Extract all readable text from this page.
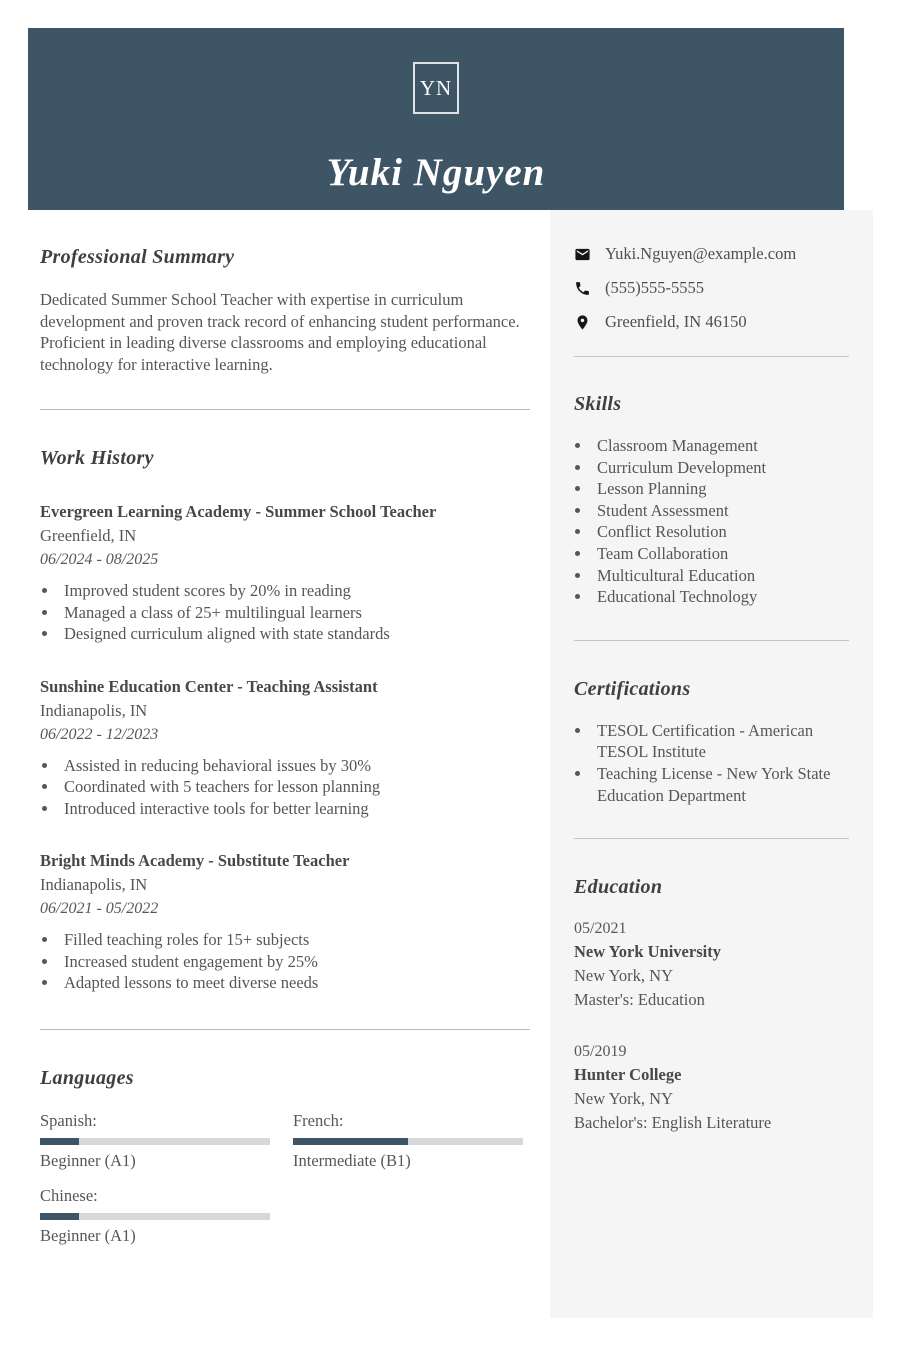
YN
Yuki Nguyen
Professional Summary
Dedicated Summer School Teacher with expertise in curriculum development and proven track record of enhancing student performance. Proficient in leading diverse classrooms and employing educational technology for interactive learning.
Work History
Evergreen Learning Academy - Summer School Teacher
Greenfield, IN
06/2024 - 08/2025
• Improved student scores by 20% in reading
• Managed a class of 25+ multilingual learners
• Designed curriculum aligned with state standards
Sunshine Education Center - Teaching Assistant
Indianapolis, IN
06/2022 - 12/2023
• Assisted in reducing behavioral issues by 30%
• Coordinated with 5 teachers for lesson planning
• Introduced interactive tools for better learning
Bright Minds Academy - Substitute Teacher
Indianapolis, IN
06/2021 - 05/2022
• Filled teaching roles for 15+ subjects
• Increased student engagement by 25%
• Adapted lessons to meet diverse needs
Languages
Spanish:
Beginner (A1)
French:
Intermediate (B1)
Chinese:
Beginner (A1)
Yuki.Nguyen@example.com
(555)555-5555
Greenfield, IN 46150
Skills
• Classroom Management
• Curriculum Development
• Lesson Planning
• Student Assessment
• Conflict Resolution
• Team Collaboration
• Multicultural Education
• Educational Technology
Certifications
• TESOL Certification - American TESOL Institute
• Teaching License - New York State Education Department
Education
05/2021
New York University
New York, NY
Master's: Education
05/2019
Hunter College
New York, NY
Bachelor's: English Literature
